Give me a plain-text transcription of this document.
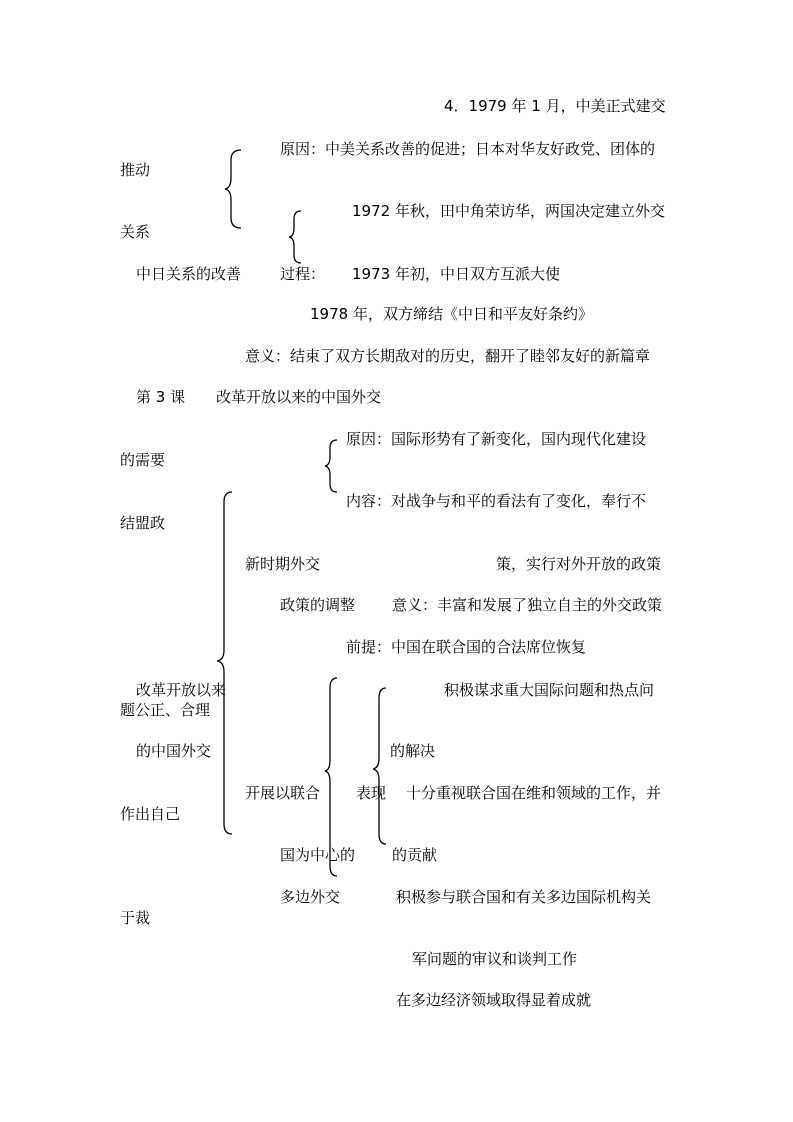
4．1979 年 1 月，中美正式建交
原因：中美关系改善的促进；日本对华友好政党、团体的
推动
1972 年秋，田中角荣访华，两国决定建立外交
关系
中日关系的改善	过程： 1973 年初，中日双方互派大使
1978 年，双方缔结《中日和平友好条约》
意义：结束了双方长期敌对的历史，翻开了睦邻友好的新篇章
第 3 课 改革开放以来的中国外交
原因：国际形势有了新变化，国内现代化建设
的需要
内容：对战争与和平的看法有了变化，奉行不
结盟政
新时期外交	策，实行对外开放的政策
政策的调整 意义：丰富和发展了独立自主的外交政策
前提：中国在联合国的合法席位恢复
改革开放以来	积极谋求重大国际问题和热点问
题公正、合理
的中国外交	的解决
开展以联合 表现 十分重视联合国在维和领域的工作，并
作出自己
国为中心的 的贡献
多边外交	积极参与联合国和有关多边国际机构关
于裁
军问题的审议和谈判工作
在多边经济领域取得显着成就
